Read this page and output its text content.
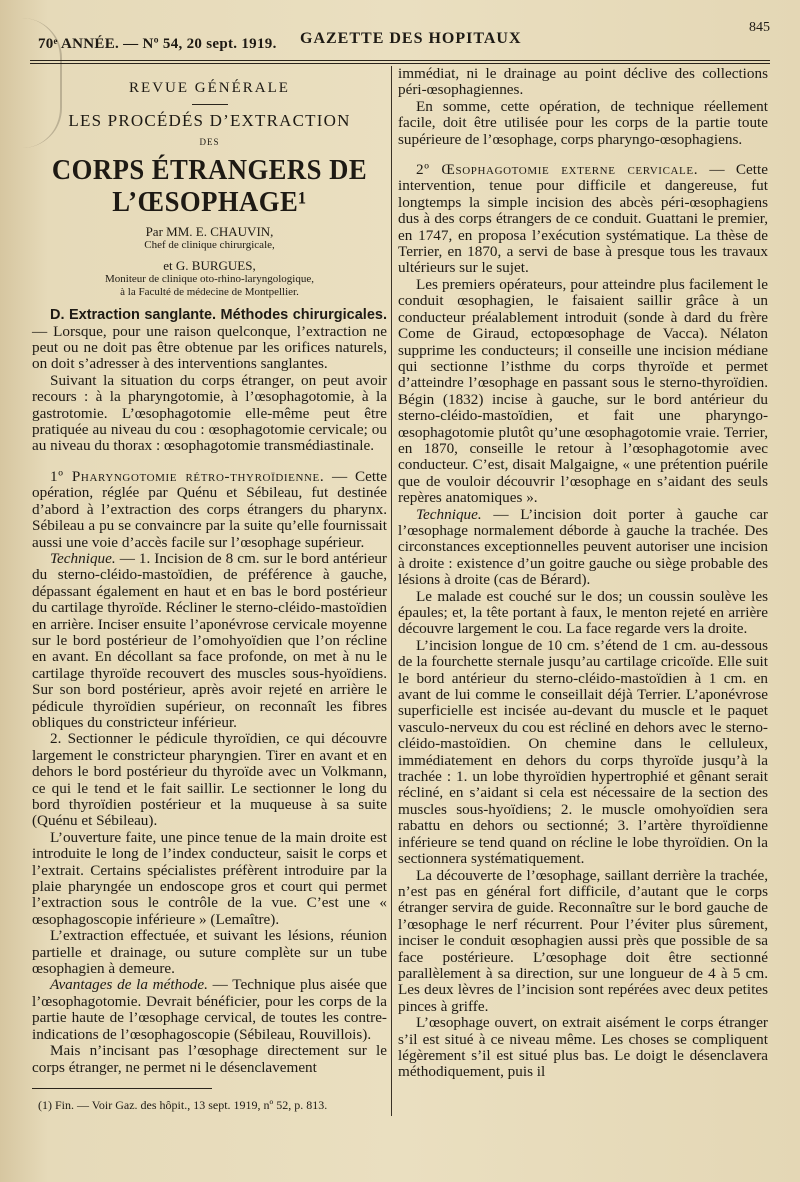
70ᵉ ANNÉE. — Nº 54, 20 sept. 1919. GAZETTE DES HOPITAUX
845

REVUE GÉNÉRALE

LES PROCÉDÉS D’EXTRACTION

DES

CORPS ÉTRANGERS DE L’ŒSOPHAGE¹

Par MM. E. CHAUVIN,

Chef de clinique chirurgicale,

et G. BURGUES,

Moniteur de clinique oto-rhino-laryngologique,

à la Faculté de médecine de Montpellier.

D. Extraction sanglante. Méthodes chirurgicales. — Lorsque, pour une raison quelconque, l’extraction ne peut ou ne doit pas être obtenue par les orifices naturels, on doit s’adresser à des interventions sanglantes.

Suivant la situation du corps étranger, on peut avoir recours : à la pharyngotomie, à l’œsophagotomie, à la gastrotomie. L’œsophagotomie elle-même peut être pratiquée au niveau du cou : œsophagotomie cervicale; ou au niveau du thorax : œsophagotomie transmédiastinale.

1º Pharyngotomie rétro-thyroïdienne. — Cette opération, réglée par Quénu et Sébileau, fut destinée d’abord à l’extraction des corps étrangers du pharynx. Sébileau a pu se convaincre par la suite qu’elle fournissait aussi une voie d’accès facile sur l’œsophage supérieur.

Technique. — 1. Incision de 8 cm. sur le bord antérieur du sterno-cléido-mastoïdien, de préférence à gauche, dépassant également en haut et en bas le bord postérieur du cartilage thyroïde. Récliner le sterno-cléido-mastoïdien en arrière. Inciser ensuite l’aponévrose cervicale moyenne sur le bord postérieur de l’omohyoïdien que l’on récline en avant. En décollant sa face profonde, on met à nu le cartilage thyroïde recouvert des muscles sous-hyoïdiens. Sur son bord postérieur, après avoir rejeté en arrière le pédicule thyroïdien supérieur, on reconnaît les fibres obliques du constricteur inférieur.

2. Sectionner le pédicule thyroïdien, ce qui découvre largement le constricteur pharyngien. Tirer en avant et en dehors le bord postérieur du thyroïde avec un Volkmann, ce qui le tend et le fait saillir. Le sectionner le long du bord thyroïdien postérieur et la muqueuse à sa suite (Quénu et Sébileau).

L’ouverture faite, une pince tenue de la main droite est introduite le long de l’index conducteur, saisit le corps et l’extrait. Certains spécialistes préfèrent introduire par la plaie pharyngée un endoscope gros et court qui permet l’extraction sous le contrôle de la vue. C’est une « œsophagoscopie inférieure » (Lemaître).

L’extraction effectuée, et suivant les lésions, réunion partielle et drainage, ou suture complète sur un tube œsophagien à demeure.

Avantages de la méthode. — Technique plus aisée que l’œsophagotomie. Devrait bénéficier, pour les corps de la partie haute de l’œsophage cervical, de toutes les contre-indications de l’œsophagoscopie (Sébileau, Rouvillois).

Mais n’incisant pas l’œsophage directement sur le corps étranger, ne permet ni le désenclavement

(1) Fin. — Voir Gaz. des hôpit., 13 sept. 1919, nº 52, p. 813.

immédiat, ni le drainage au point déclive des collections péri-œsophagiennes.

En somme, cette opération, de technique réellement facile, doit être utilisée pour les corps de la partie toute supérieure de l’œsophage, corps pharyngo-œsophagiens.

2º Œsophagotomie externe cervicale. — Cette intervention, tenue pour difficile et dangereuse, fut longtemps la simple incision des abcès péri-œsophagiens dus à des corps étrangers de ce conduit. Guattani le premier, en 1747, en proposa l’exécution systématique. La thèse de Terrier, en 1870, a servi de base à presque tous les travaux ultérieurs sur le sujet.

Les premiers opérateurs, pour atteindre plus facilement le conduit œsophagien, le faisaient saillir grâce à un conducteur préalablement introduit (sonde à dard du frère Come de Giraud, ectopœsophage de Vacca). Nélaton supprime les conducteurs; il conseille une incision médiane qui sectionne l’isthme du corps thyroïde et permet d’atteindre l’œsophage en passant sous le sterno-thyroïdien. Bégin (1832) incise à gauche, sur le bord antérieur du sterno-cléido-mastoïdien, et fait une pharyngo-œsophagotomie plutôt qu’une œsophagotomie vraie. Terrier, en 1870, conseille le retour à l’œsophagotomie avec conducteur. C’est, disait Malgaigne, « une prétention puérile que de vouloir découvrir l’œsophage en s’aidant des seuls repères anatomiques ».

Technique. — L’incision doit porter à gauche car l’œsophage normalement déborde à gauche la trachée. Des circonstances exceptionnelles peuvent autoriser une incision à droite : existence d’un goitre gauche ou siège probable des lésions à droite (cas de Bérard).

Le malade est couché sur le dos; un coussin soulève les épaules; et, la tête portant à faux, le menton rejeté en arrière découvre largement le cou. La face regarde vers la droite.

L’incision longue de 10 cm. s’étend de 1 cm. au-dessous de la fourchette sternale jusqu’au cartilage cricoïde. Elle suit le bord antérieur du sterno-cléido-mastoïdien à 1 cm. en avant de lui comme le conseillait déjà Terrier. L’aponévrose superficielle est incisée au-devant du muscle et le paquet vasculo-nerveux du cou est récliné en dehors avec le sterno-cléido-mastoïdien. On chemine dans le celluleux, immédiatement en dehors du corps thyroïde jusqu’à la trachée : 1. un lobe thyroïdien hypertrophié et gênant serait récliné, en s’aidant si cela est nécessaire de la section des muscles sous-hyoïdiens; 2. le muscle omohyoïdien sera rabattu en dehors ou sectionné; 3. l’artère thyroïdienne inférieure se tend quand on récline le lobe thyroïdien. On la sectionnera systématiquement.

La découverte de l’œsophage, saillant derrière la trachée, n’est pas en général fort difficile, d’autant que le corps étranger servira de guide. Reconnaître sur le bord gauche de l’œsophage le nerf récurrent. Pour l’éviter plus sûrement, inciser le conduit œsophagien aussi près que possible de sa face postérieure. L’œsophage doit être sectionné parallèlement à sa direction, sur une longueur de 4 à 5 cm. Les deux lèvres de l’incision sont repérées avec deux petites pinces à griffe.

L’œsophage ouvert, on extrait aisément le corps étranger s’il est situé à ce niveau même. Les choses se compliquent légèrement s’il est situé plus bas. Le doigt le désenclavera méthodiquement, puis il
